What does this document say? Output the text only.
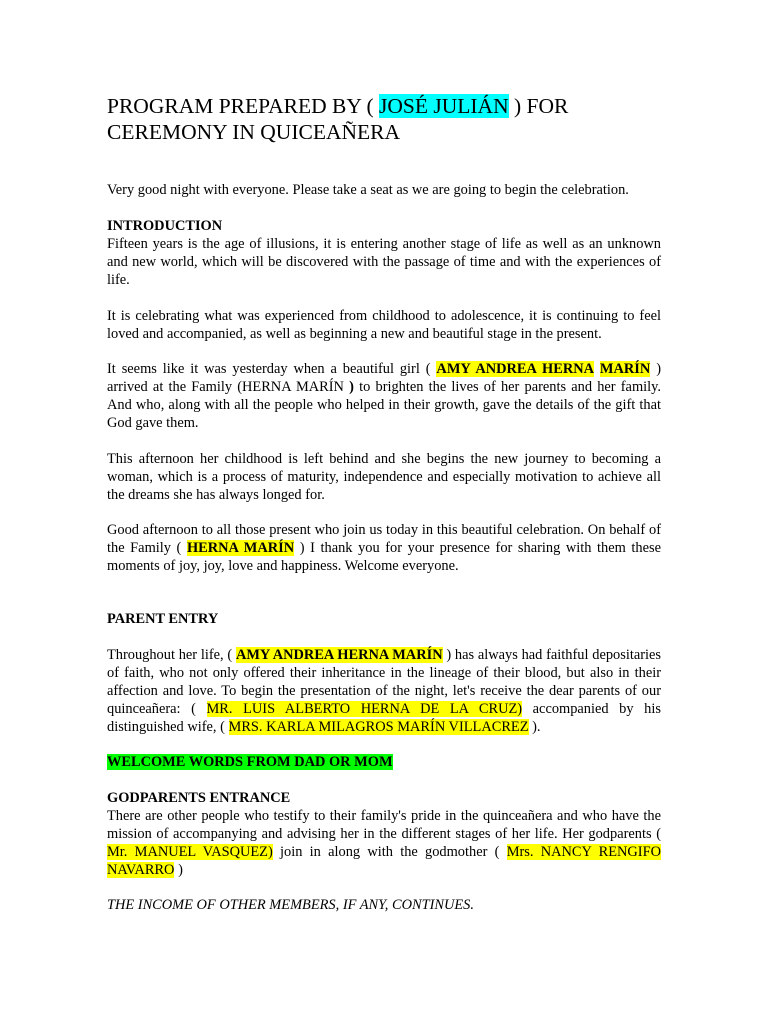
PROGRAM PREPARED BY ( JOSÉ JULIÁN ) FOR
CEREMONY IN QUICEAÑERA

Very good night with everyone. Please take a seat as we are going to begin the celebration.

INTRODUCTION
Fifteen years is the age of illusions, it is entering another stage of life as well as an unknown and new world, which will be discovered with the passage of time and with the experiences of life.

It is celebrating what was experienced from childhood to adolescence, it is continuing to feel loved and accompanied, as well as beginning a new and beautiful stage in the present.

It seems like it was yesterday when a beautiful girl ( AMY ANDREA HERNA MARÍN ) arrived at the Family (HERNA MARÍN ) to brighten the lives of her parents and her family. And who, along with all the people who helped in their growth, gave the details of the gift that God gave them.

This afternoon her childhood is left behind and she begins the new journey to becoming a woman, which is a process of maturity, independence and especially motivation to achieve all the dreams she has always longed for.

Good afternoon to all those present who join us today in this beautiful celebration. On behalf of the Family ( HERNA MARÍN ) I thank you for your presence for sharing with them these moments of joy, joy, love and happiness. Welcome everyone.

PARENT ENTRY

Throughout her life, ( AMY ANDREA HERNA MARÍN ) has always had faithful depositaries of faith, who not only offered their inheritance in the lineage of their blood, but also in their affection and love. To begin the presentation of the night, let's receive the dear parents of our quinceañera: ( MR. LUIS ALBERTO HERNA DE LA CRUZ) accompanied by his distinguished wife, ( MRS. KARLA MILAGROS MARÍN VILLACREZ ).

WELCOME WORDS FROM DAD OR MOM
GODPARENTS ENTRANCE
There are other people who testify to their family's pride in the quinceañera and who have the mission of accompanying and advising her in the different stages of her life. Her godparents ( Mr. MANUEL VASQUEZ) join in along with the godmother ( Mrs. NANCY RENGIFO NAVARRO )

THE INCOME OF OTHER MEMBERS, IF ANY, CONTINUES.
